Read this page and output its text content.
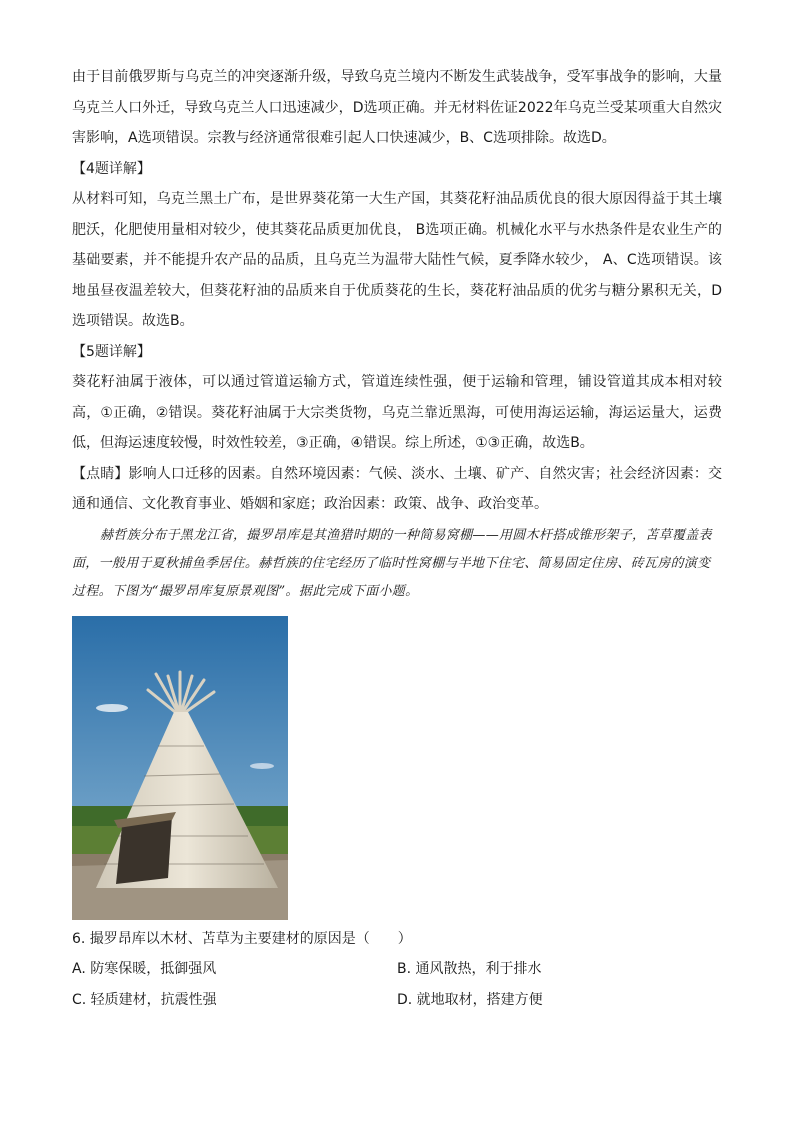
由于目前俄罗斯与乌克兰的冲突逐渐升级，导致乌克兰境内不断发生武装战争，受军事战争的影响，大量乌克兰人口外迁，导致乌克兰人口迅速减少，D选项正确。并无材料佐证2022年乌克兰受某项重大自然灾害影响，A选项错误。宗教与经济通常很难引起人口快速减少，B、C选项排除。故选D。

【4题详解】

从材料可知，乌克兰黑土广布，是世界葵花第一大生产国，其葵花籽油品质优良的很大原因得益于其土壤肥沃，化肥使用量相对较少，使其葵花品质更加优良， B选项正确。机械化水平与水热条件是农业生产的基础要素，并不能提升农产品的品质，且乌克兰为温带大陆性气候，夏季降水较少， A、C选项错误。该地虽昼夜温差较大，但葵花籽油的品质来自于优质葵花的生长，葵花籽油品质的优劣与糖分累积无关，D选项错误。故选B。

【5题详解】

葵花籽油属于液体，可以通过管道运输方式，管道连续性强，便于运输和管理，铺设管道其成本相对较高，①正确，②错误。葵花籽油属于大宗类货物，乌克兰靠近黑海，可使用海运运输，海运运量大，运费低，但海运速度较慢，时效性较差，③正确，④错误。综上所述，①③正确，故选B。

【点睛】影响人口迁移的因素。自然环境因素：气候、淡水、土壤、矿产、自然灾害；社会经济因素：交通和通信、文化教育事业、婚姻和家庭；政治因素：政策、战争、政治变革。

赫哲族分布于黑龙江省，撮罗昂库是其渔猎时期的一种简易窝棚——用圆木杆搭成锥形架子，苫草覆盖表面，一般用于夏秋捕鱼季居住。赫哲族的住宅经历了临时性窝棚与半地下住宅、简易固定住房、砖瓦房的演变过程。下图为“撮罗昂库复原景观图”。据此完成下面小题。

6. 撮罗昂库以木材、苫草为主要建材的原因是（　　）

A. 防寒保暖，抵御强风	B. 通风散热，利于排水
C. 轻质建材，抗震性强	D. 就地取材，搭建方便
